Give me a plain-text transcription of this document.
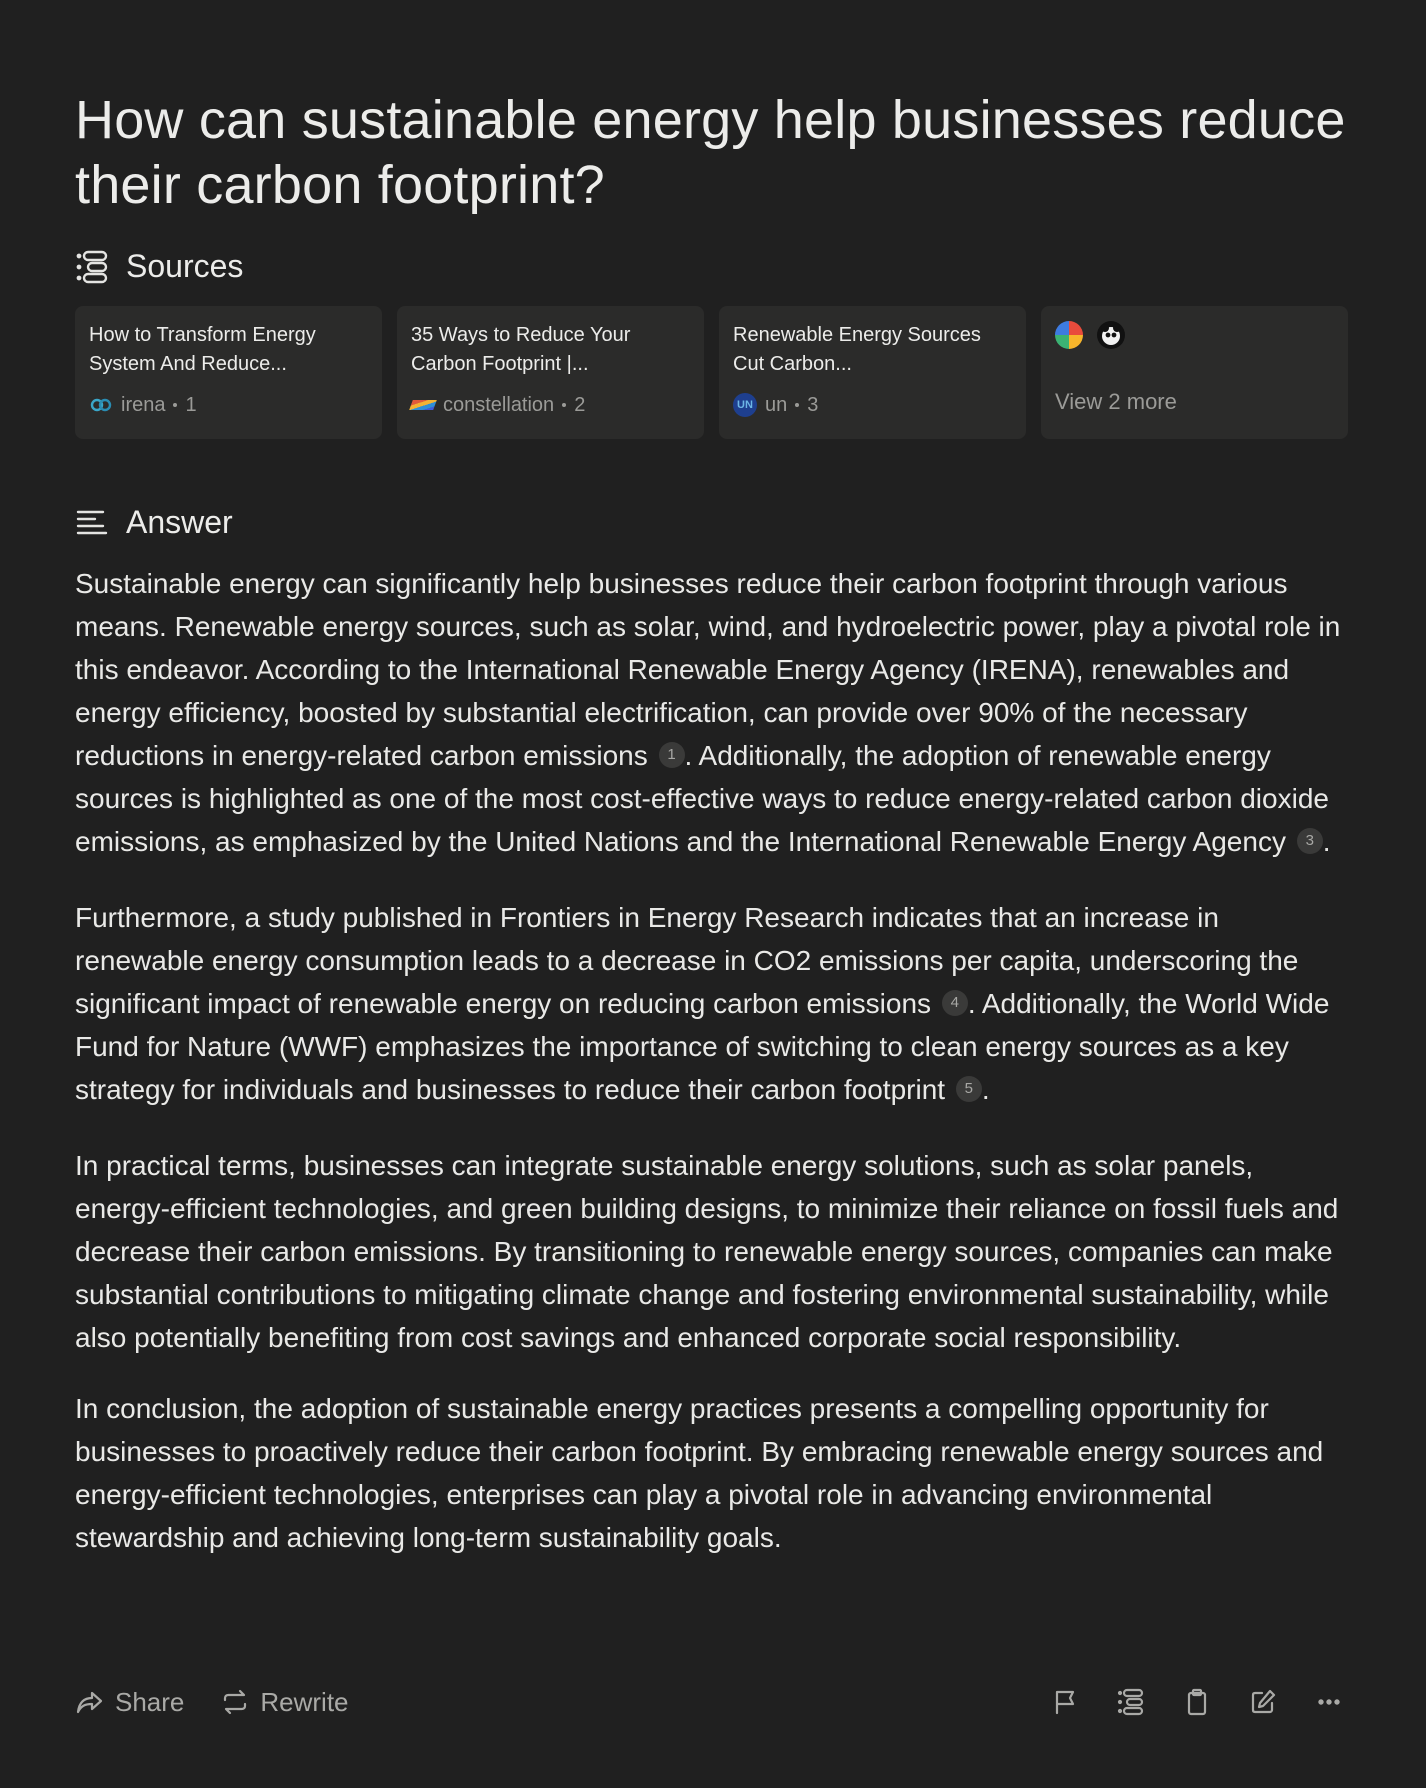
How can sustainable energy help businesses reduce their carbon footprint?
Sources
How to Transform Energy System And Reduce...
irena 1
35 Ways to Reduce Your Carbon Footprint |...
constellation 2
Renewable Energy Sources Cut Carbon...
UN un 3	View 2 more
Answer

Sustainable energy can significantly help businesses reduce their carbon footprint through various means. Renewable energy sources, such as solar, wind, and hydroelectric power, play a pivotal role in this endeavor. According to the International Renewable Energy Agency (IRENA), renewables and energy efficiency, boosted by substantial electrification, can provide over 90% of the necessary reductions in energy-related carbon emissions 1 . Additionally, the adoption of renewable energy sources is highlighted as one of the most cost-effective ways to reduce energy-related carbon dioxide emissions, as emphasized by the United Nations and the International Renewable Energy Agency 3 .

Furthermore, a study published in Frontiers in Energy Research indicates that an increase in renewable energy consumption leads to a decrease in CO2 emissions per capita, underscoring the significant impact of renewable energy on reducing carbon emissions 4 . Additionally, the World Wide Fund for Nature (WWF) emphasizes the importance of switching to clean energy sources as a key strategy for individuals and businesses to reduce their carbon footprint 5 .

In practical terms, businesses can integrate sustainable energy solutions, such as solar panels, energy-efficient technologies, and green building designs, to minimize their reliance on fossil fuels and decrease their carbon emissions. By transitioning to renewable energy sources, companies can make substantial contributions to mitigating climate change and fostering environmental sustainability, while also potentially benefiting from cost savings and enhanced corporate social responsibility.

In conclusion, the adoption of sustainable energy practices presents a compelling opportunity for businesses to proactively reduce their carbon footprint. By embracing renewable energy sources and energy-efficient technologies, enterprises can play a pivotal role in advancing environmental stewardship and achieving long-term sustainability goals.

Share	Rewrite
